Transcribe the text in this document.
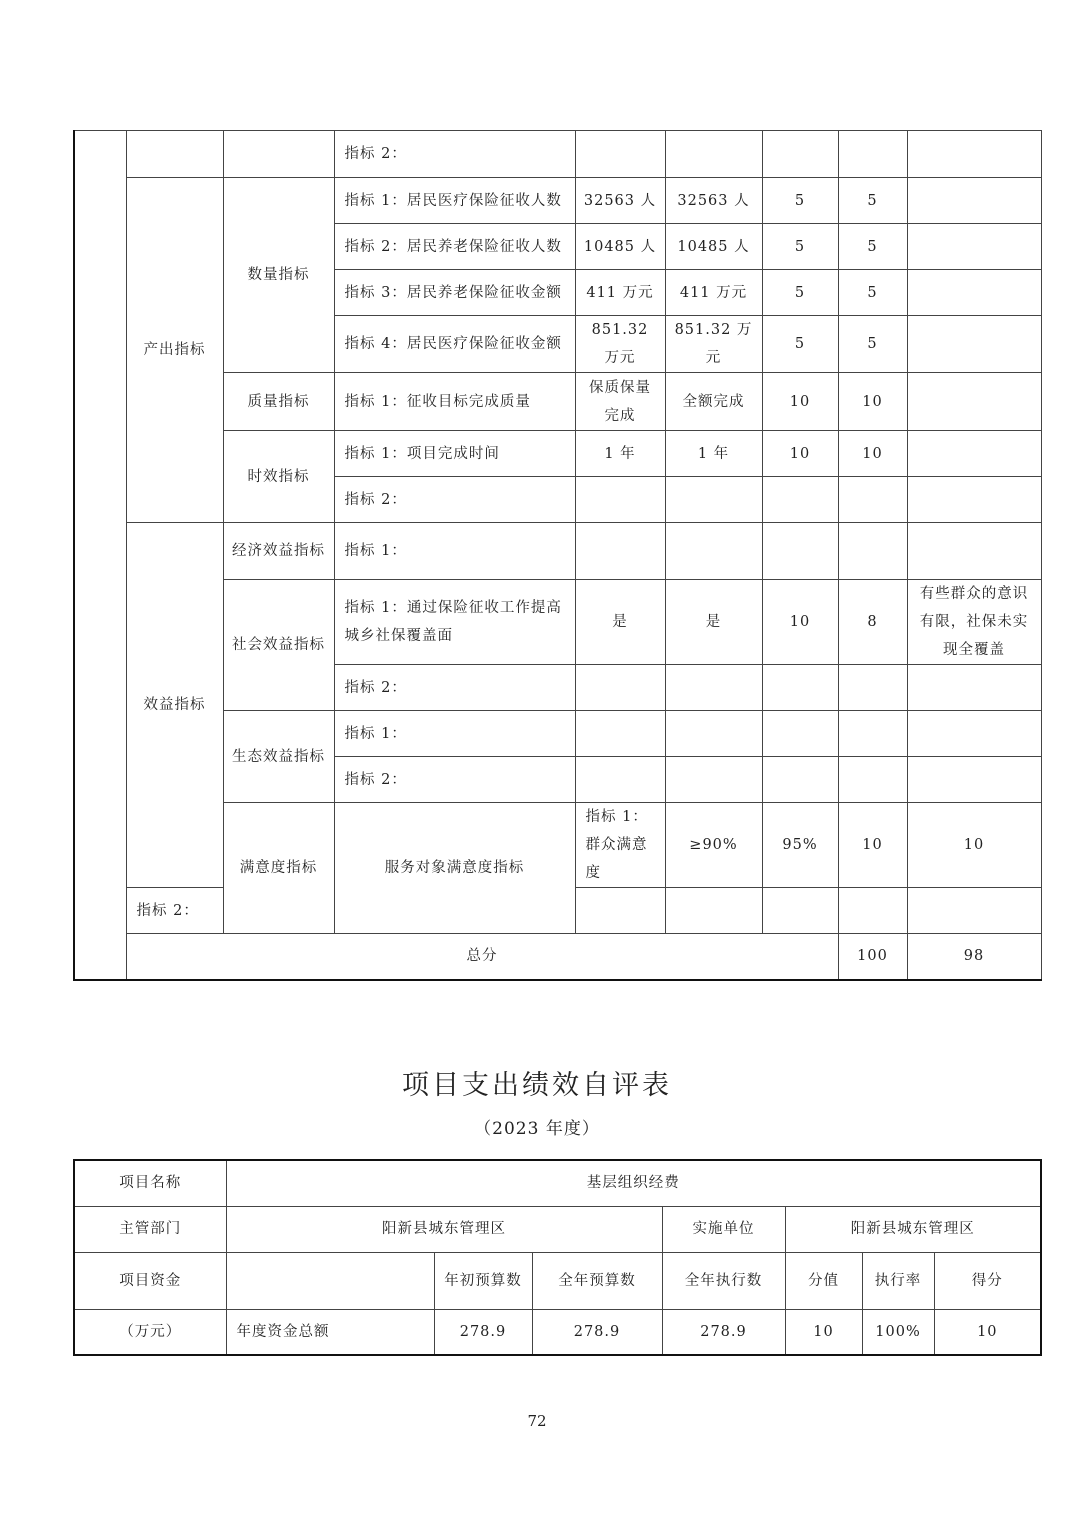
			指标 2：						
	产出指标	数量指标	指标 1：居民医疗保险征收人数	32563 人	32563 人	5	5		
			指标 2：居民养老保险征收人数	10485 人	10485 人	5	5		
			指标 3：居民养老保险征收金额	411 万元	411 万元	5	5		
			指标 4：居民医疗保险征收金额	851.32 万元	851.32 万元	5	5		
		质量指标	指标 1：征收目标完成质量	保质保量完成	全额完成	10	10		
		时效指标	指标 1：项目完成时间	1 年	1 年	10	10		
			指标 2：						
	效益指标	经济效益指标	指标 1：						
		社会效益指标	指标 1：通过保险征收工作提高城乡社保覆盖面	是	是	10	8	有些群众的意识有限，社保未实现全覆盖	
			指标 2：						
		生态效益指标	指标 1：						
			指标 2：						
		满意度指标	服务对象满意度指标	指标 1：群众满意度	≥90%	95%	10	10	
	指标 2：								
	总分						100	98	
项目支出绩效自评表
（2023 年度）
项目名称	基层组织经费						
主管部门	阳新县城东管理区			实施单位	阳新县城东管理区		
项目资金		年初预算数	全年预算数	全年执行数	分值	执行率	得分
（万元）	年度资金总额	278.9	278.9	278.9	10	100%	10
72
